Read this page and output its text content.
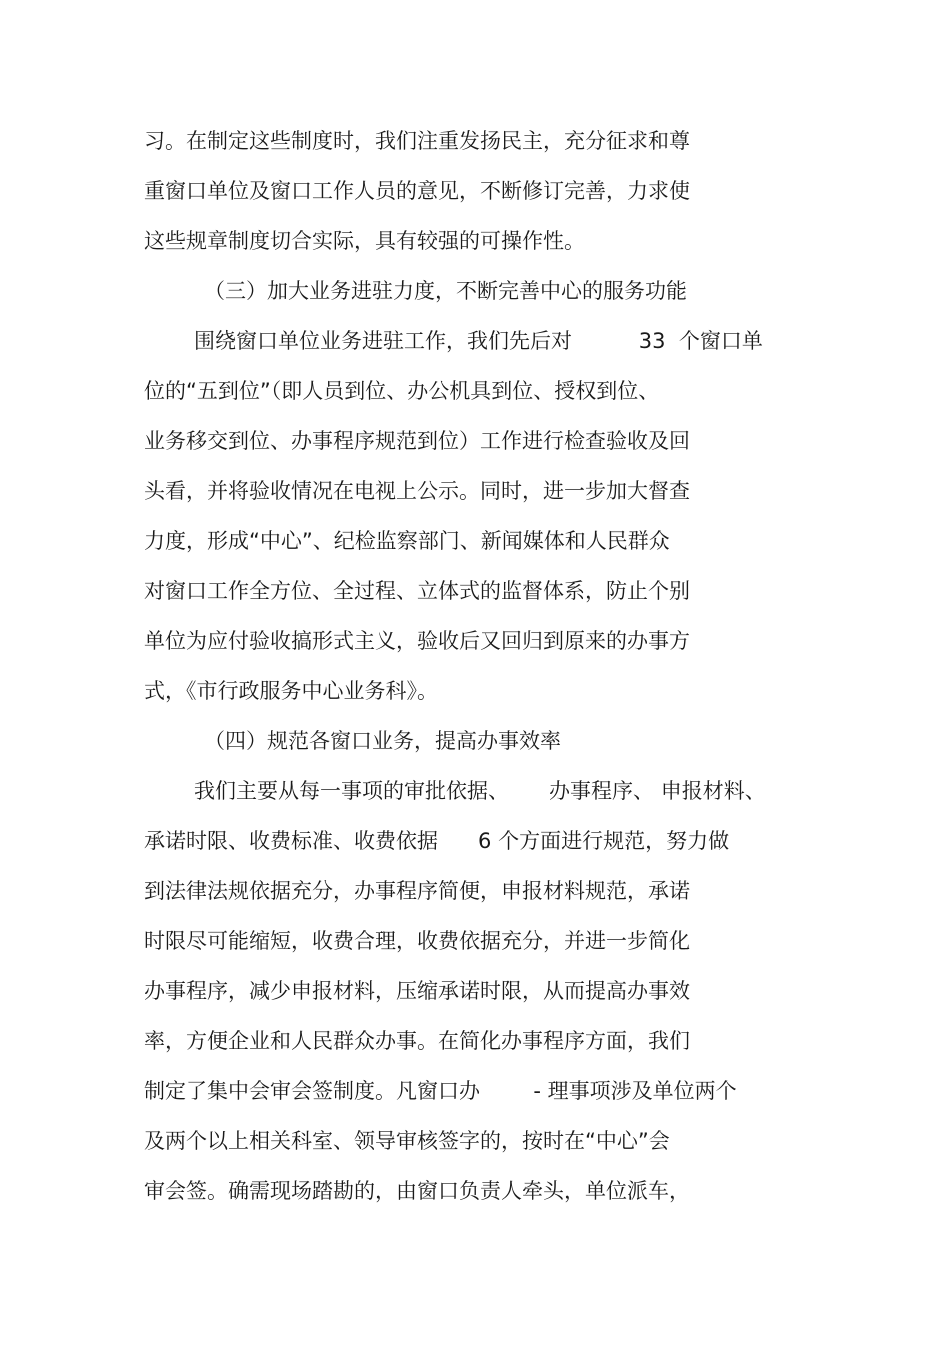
习。在制定这些制度时，我们注重发扬民主，充分征求和尊
重窗口单位及窗口工作人员的意见，不断修订完善，力求使
这些规章制度切合实际，具有较强的可操作性。
（三）加大业务进驻力度，不断完善中心的服务功能
围绕窗口单位业务进驻工作，我们先后对          33  个窗口单
位的“五到位”（即人员到位、办公机具到位、授权到位、
业务移交到位、办事程序规范到位）工作进行检查验收及回
头看，并将验收情况在电视上公示。同时，进一步加大督查
力度，形成“中心”、纪检监察部门、新闻媒体和人民群众
对窗口工作全方位、全过程、立体式的监督体系，防止个别
单位为应付验收搞形式主义，验收后又回归到原来的办事方
式，《市行政服务中心业务科》。
（四）规范各窗口业务，提高办事效率
我们主要从每一事项的审批依据、      办事程序、 申报材料、
承诺时限、收费标准、收费依据      6 个方面进行规范，努力做
到法律法规依据充分，办事程序简便，申报材料规范，承诺
时限尽可能缩短，收费合理，收费依据充分，并进一步简化
办事程序，减少申报材料，压缩承诺时限，从而提高办事效
率，方便企业和人民群众办事。在简化办事程序方面，我们
制定了集中会审会签制度。凡窗口办        - 理事项涉及单位两个
及两个以上相关科室、领导审核签字的，按时在“中心”会
审会签。确需现场踏勘的，由窗口负责人牵头，单位派车，
